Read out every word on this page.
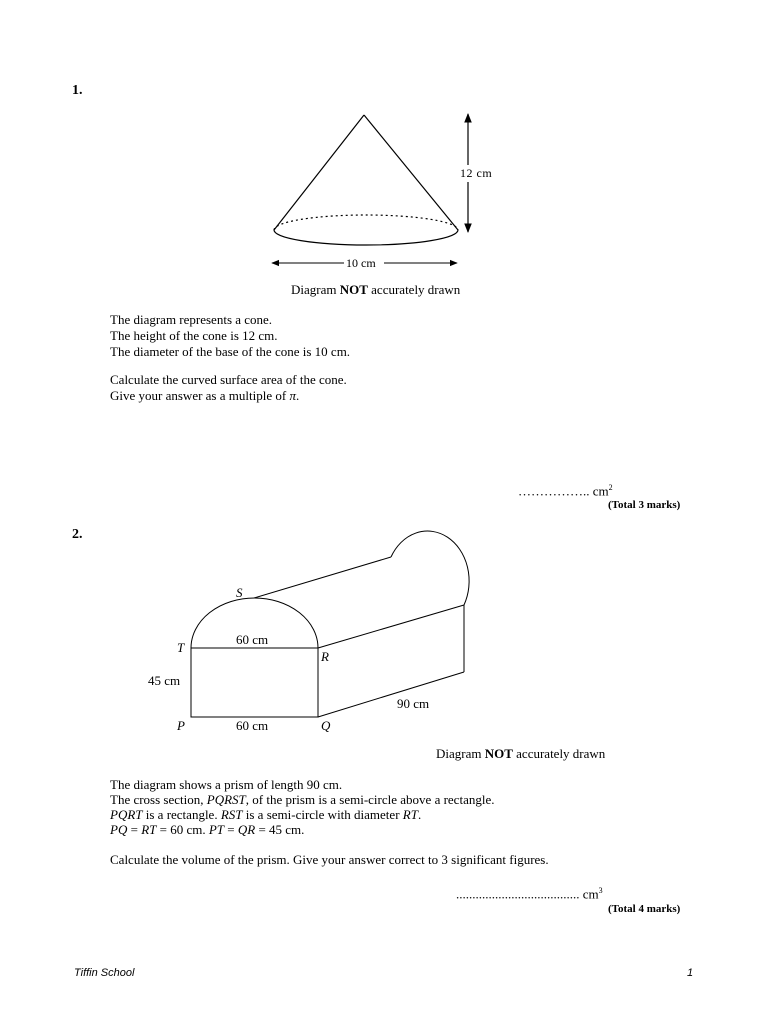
1.
12 cm
10 cm
Diagram NOT accurately drawn
The diagram represents a cone.
The height of the cone is 12 cm.
The diameter of the base of the cone is 10 cm.
Calculate the curved surface area of the cone.
Give your answer as a multiple of π.
…………….. $cm^2$
(Total 3 marks)
2.
S
T
R
P	Q
60 cm
60 cm
45 cm
90 cm
Diagram NOT accurately drawn
The diagram shows a prism of length 90 cm.
The cross section, PQRST, of the prism is a semi-circle above a rectangle.
PQRT is a rectangle. RST is a semi-circle with diameter RT.
PQ = RT = 60 cm. PT = QR = 45 cm.
Calculate the volume of the prism. Give your answer correct to 3 significant figures.
...................................... $cm^3$
(Total 4 marks)
Tiffin School	1
